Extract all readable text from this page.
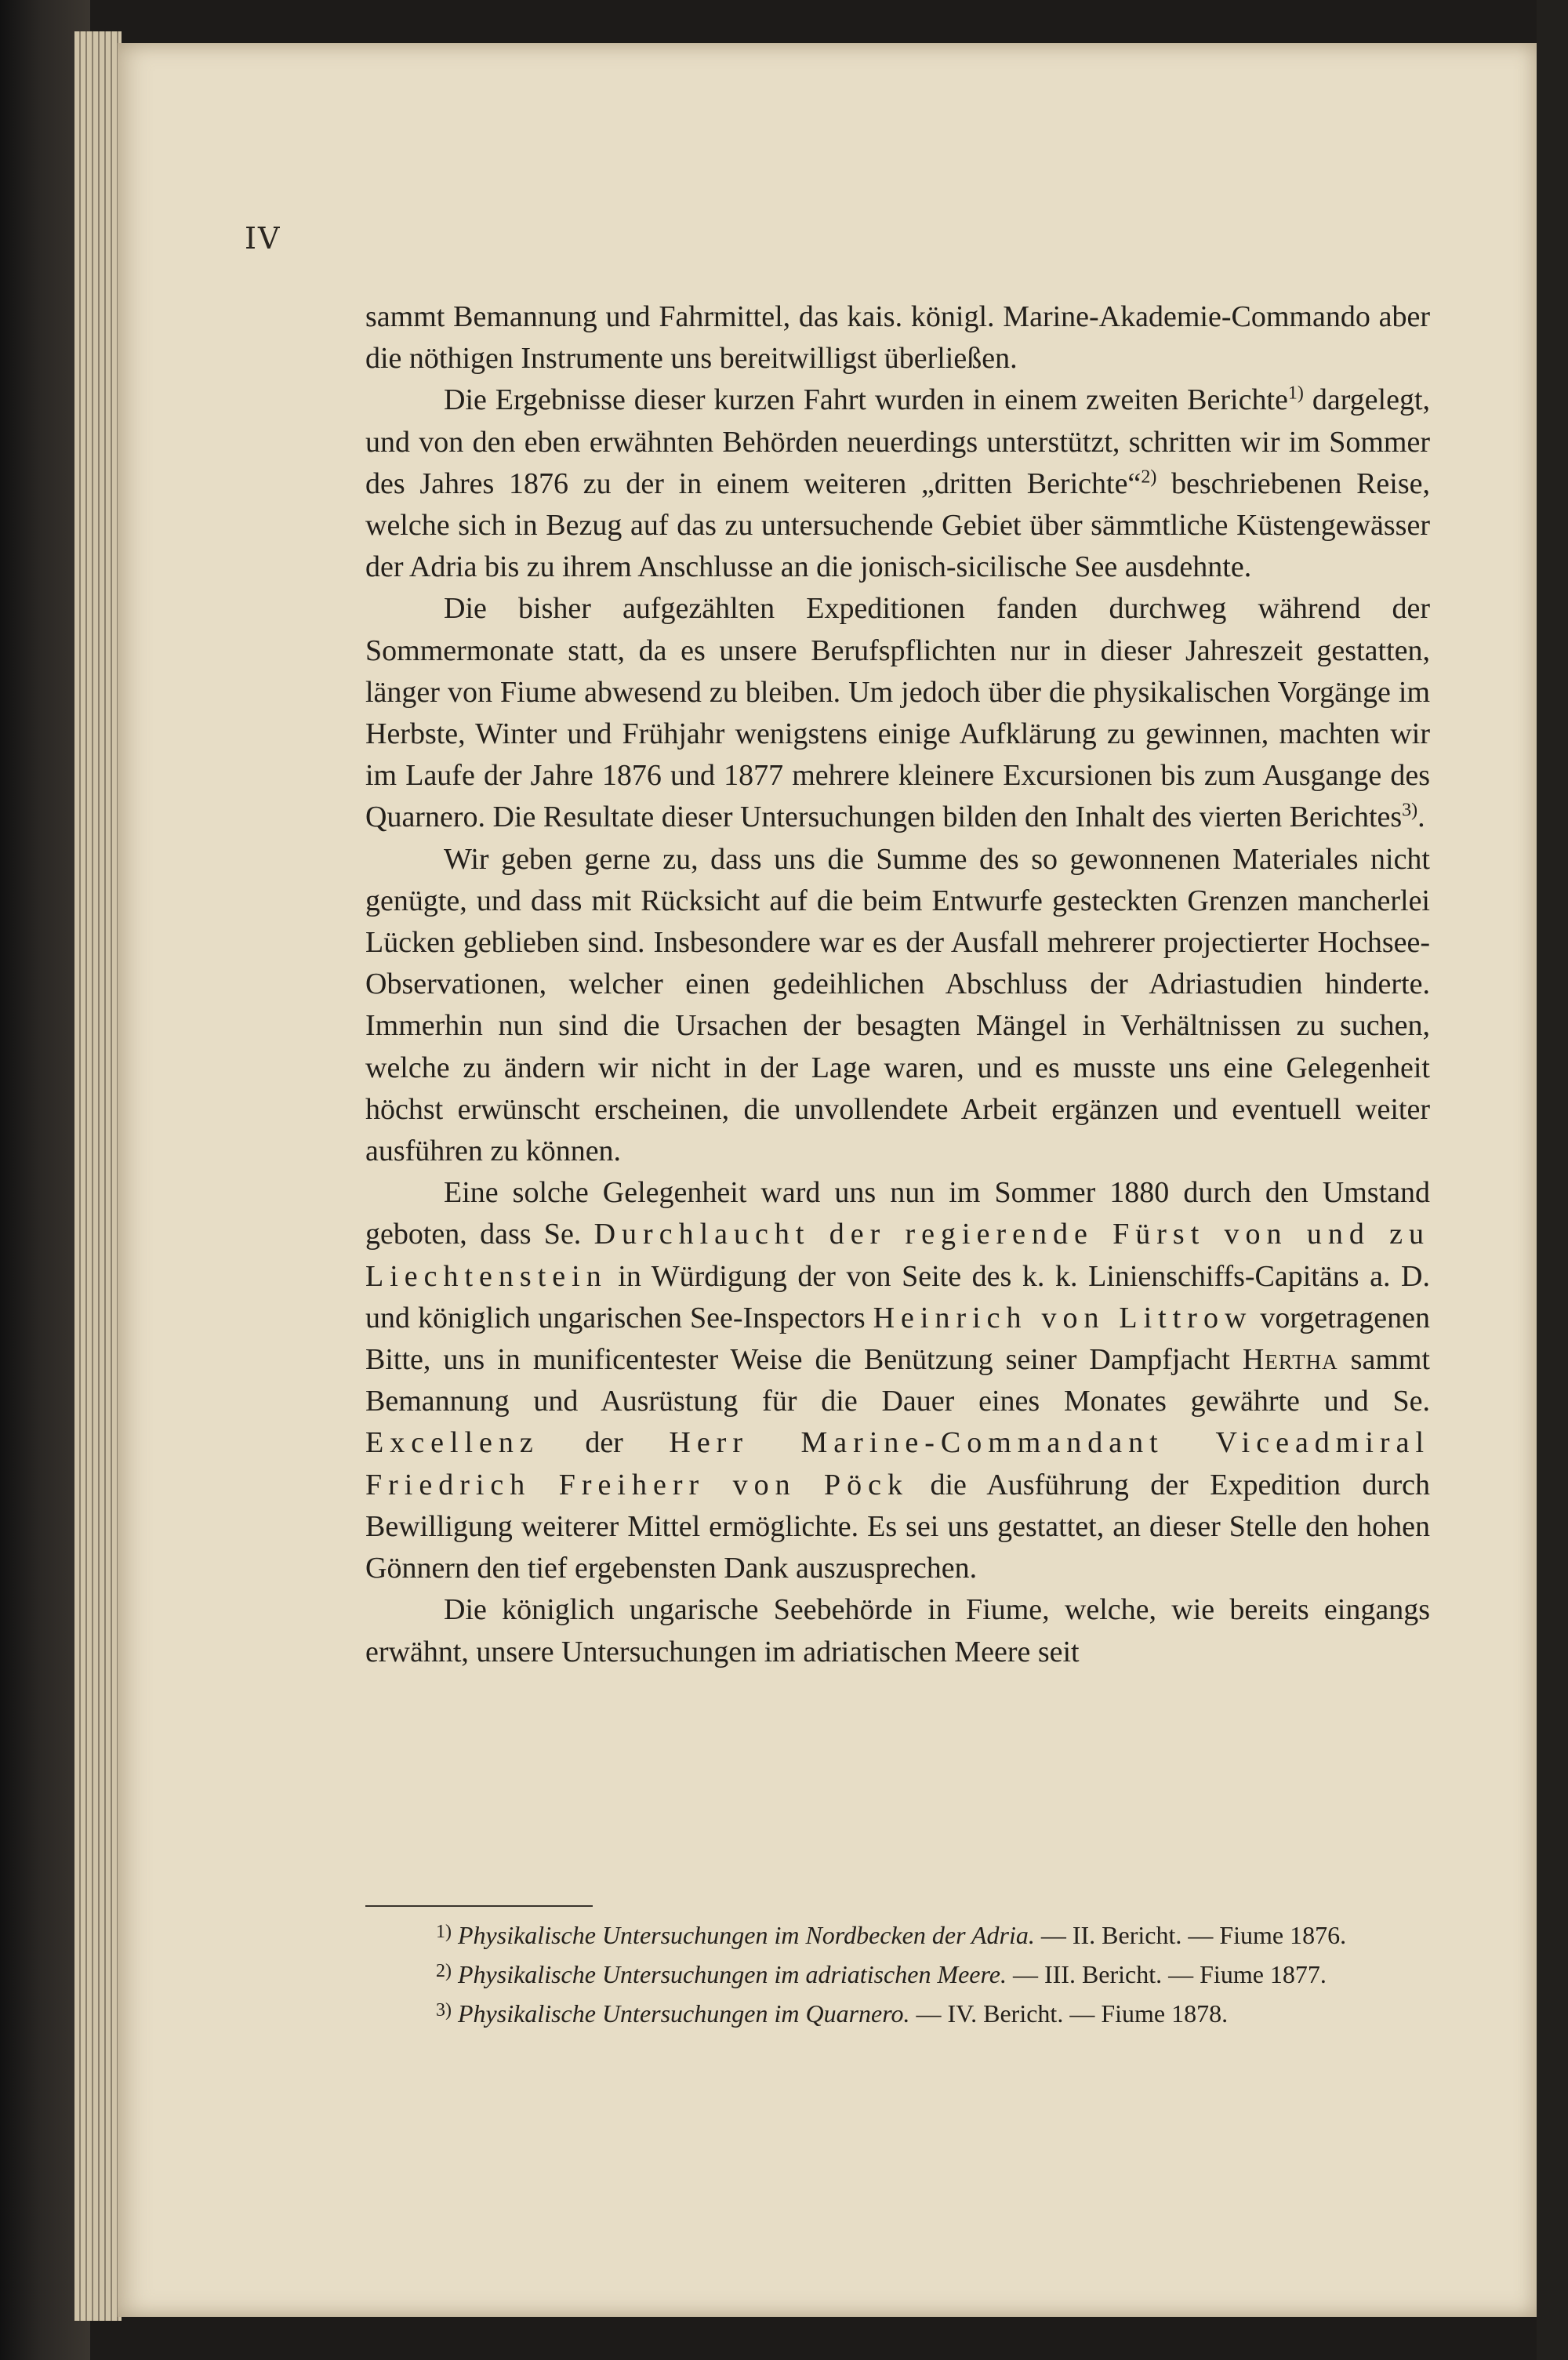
IV

sammt Bemannung und Fahrmittel, das kais. königl. Marine-Akademie-Commando aber die nöthigen Instrumente uns bereitwilligst überließen.

Die Ergebnisse dieser kurzen Fahrt wurden in einem zweiten Berichte$^{1)}$ dargelegt, und von den eben erwähnten Behörden neuerdings unterstützt, schritten wir im Sommer des Jahres 1876 zu der in einem weiteren „dritten Berichte“$^{2)}$ beschriebenen Reise, welche sich in Bezug auf das zu untersuchende Gebiet über sämmtliche Küstengewässer der Adria bis zu ihrem Anschlusse an die jonisch-sicilische See ausdehnte.

Die bisher aufgezählten Expeditionen fanden durchweg während der Sommermonate statt, da es unsere Berufspflichten nur in dieser Jahreszeit gestatten, länger von Fiume abwesend zu bleiben. Um jedoch über die physikalischen Vorgänge im Herbste, Winter und Frühjahr wenigstens einige Aufklärung zu gewinnen, machten wir im Laufe der Jahre 1876 und 1877 mehrere kleinere Excursionen bis zum Ausgange des Quarnero. Die Resultate dieser Untersuchungen bilden den Inhalt des vierten Berichtes$^{3)}$.

Wir geben gerne zu, dass uns die Summe des so gewonnenen Materiales nicht genügte, und dass mit Rücksicht auf die beim Entwurfe gesteckten Grenzen mancherlei Lücken geblieben sind. Insbesondere war es der Ausfall mehrerer projectierter Hochsee-Observationen, welcher einen gedeihlichen Abschluss der Adriastudien hinderte. Immerhin nun sind die Ursachen der besagten Mängel in Verhältnissen zu suchen, welche zu ändern wir nicht in der Lage waren, und es musste uns eine Gelegenheit höchst erwünscht erscheinen, die unvollendete Arbeit ergänzen und eventuell weiter ausführen zu können.

Eine solche Gelegenheit ward uns nun im Sommer 1880 durch den Umstand geboten, dass Se. Durchlaucht der regierende Fürst von und zu Liechtenstein in Würdigung der von Seite des k. k. Linienschiffs-Capitäns a. D. und königlich ungarischen See-Inspectors Heinrich von Littrow vorgetragenen Bitte, uns in munificentester Weise die Benützung seiner Dampfjacht Hertha sammt Bemannung und Ausrüstung für die Dauer eines Monates gewährte und Se. Excellenz der Herr Marine-Commandant Viceadmiral Friedrich Freiherr von Pöck die Ausführung der Expedition durch Bewilligung weiterer Mittel ermöglichte. Es sei uns gestattet, an dieser Stelle den hohen Gönnern den tief ergebensten Dank auszusprechen.

Die königlich ungarische Seebehörde in Fiume, welche, wie bereits eingangs erwähnt, unsere Untersuchungen im adriatischen Meere seit

1) Physikalische Untersuchungen im Nordbecken der Adria. — II. Bericht. — Fiume 1876.

2) Physikalische Untersuchungen im adriatischen Meere. — III. Bericht. — Fiume 1877.

3) Physikalische Untersuchungen im Quarnero. — IV. Bericht. — Fiume 1878.
